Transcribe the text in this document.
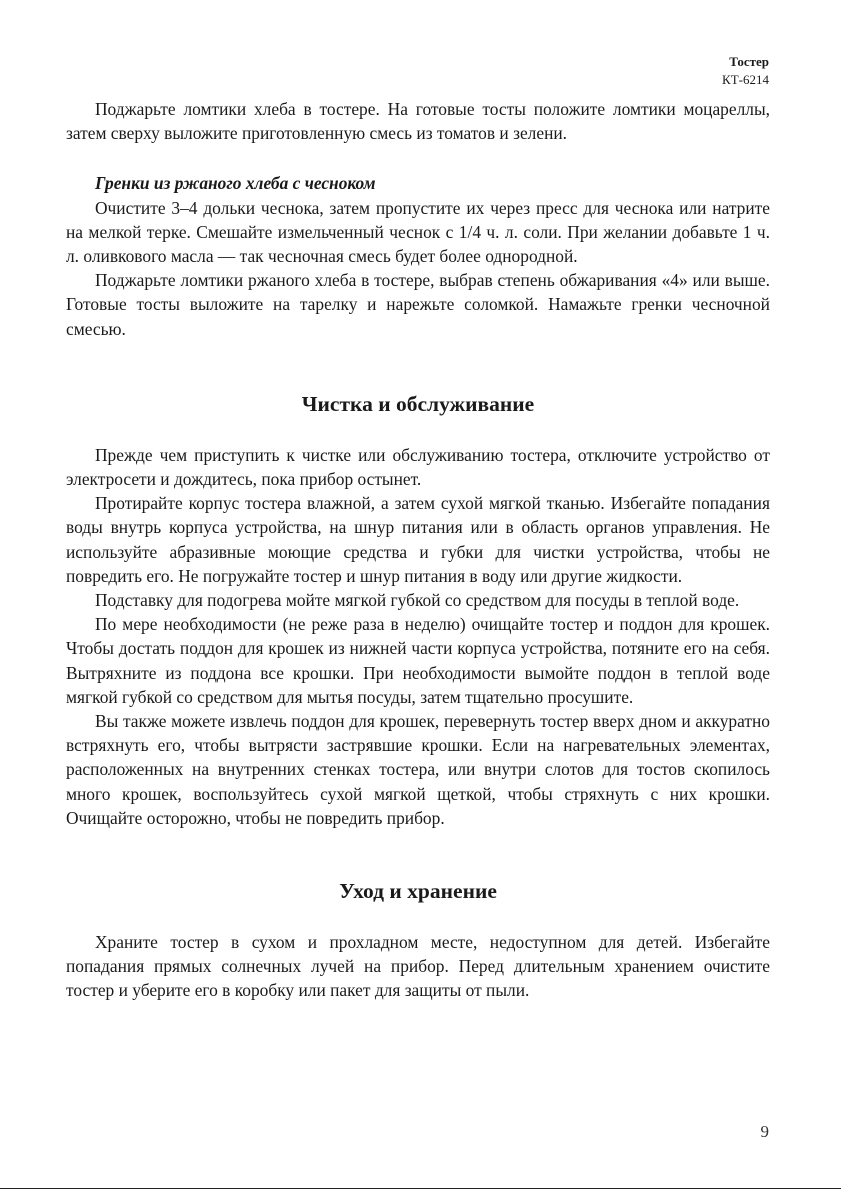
Тостер
КТ-6214

Поджарьте ломтики хлеба в тостере. На готовые тосты положите ломтики моцареллы, затем сверху выложите приготовленную смесь из томатов и зелени.

Гренки из ржаного хлеба с чесноком

Очистите 3–4 дольки чеснока, затем пропустите их через пресс для чеснока или натрите на мелкой терке. Смешайте измельченный чеснок с 1/4 ч. л. соли. При желании добавьте 1 ч. л. оливкового масла — так чесночная смесь будет более однородной.

Поджарьте ломтики ржаного хлеба в тостере, выбрав степень обжаривания «4» или выше. Готовые тосты выложите на тарелку и нарежьте соломкой. Намажьте гренки чесночной смесью.

Чистка и обслуживание

Прежде чем приступить к чистке или обслуживанию тостера, отключите устройство от электросети и дождитесь, пока прибор остынет.

Протирайте корпус тостера влажной, а затем сухой мягкой тканью. Избегайте попадания воды внутрь корпуса устройства, на шнур питания или в область органов управления. Не используйте абразивные моющие средства и губки для чистки устройства, чтобы не повредить его. Не погружайте тостер и шнур питания в воду или другие жидкости.

Подставку для подогрева мойте мягкой губкой со средством для посуды в теплой воде.

По мере необходимости (не реже раза в неделю) очищайте тостер и поддон для крошек. Чтобы достать поддон для крошек из нижней части корпуса устройства, потяните его на себя. Вытряхните из поддона все крошки. При необходимости вымойте поддон в теплой воде мягкой губкой со средством для мытья посуды, затем тщательно просушите.

Вы также можете извлечь поддон для крошек, перевернуть тостер вверх дном и аккуратно встряхнуть его, чтобы вытрясти застрявшие крошки. Если на нагревательных элементах, расположенных на внутренних стенках тостера, или внутри слотов для тостов скопилось много крошек, воспользуйтесь сухой мягкой щеткой, чтобы стряхнуть с них крошки. Очищайте осторожно, чтобы не повредить прибор.

Уход и хранение

Храните тостер в сухом и прохладном месте, недоступном для детей. Избегайте попадания прямых солнечных лучей на прибор. Перед длительным хранением очистите тостер и уберите его в коробку или пакет для защиты от пыли.

9
